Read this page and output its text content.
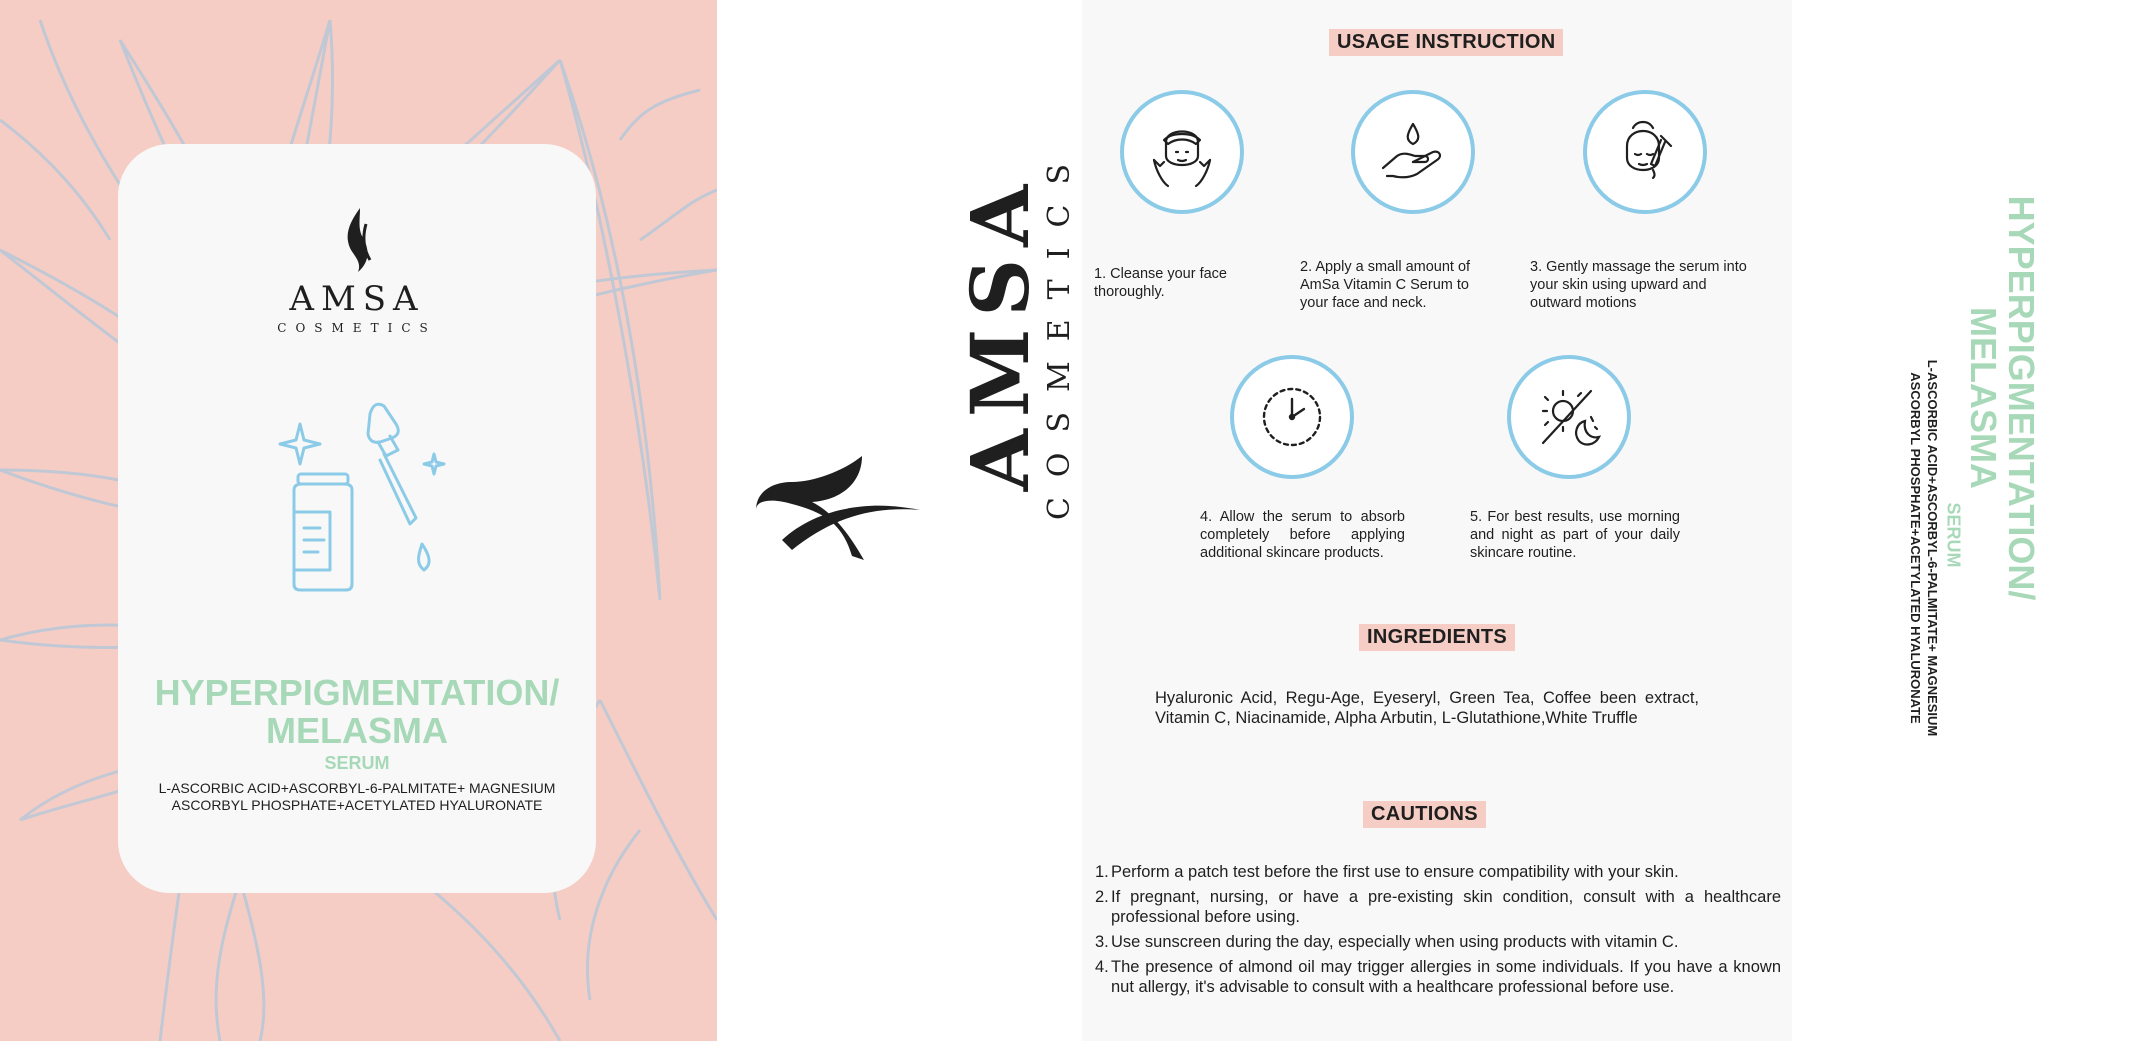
AMSA
COSMETICS
HYPERPIGMENTATION/
MELASMA
SERUM
L-ASCORBIC ACID+ASCORBYL-6-PALMITATE+ MAGNESIUM
ASCORBYL PHOSPHATE+ACETYLATED HYALURONATE
AMSA
COSMETICS
USAGE INSTRUCTION
1. Cleanse your face thoroughly.
2. Apply a small amount of AmSa Vitamin C Serum to your face and neck.
3. Gently massage the serum into your skin using upward and outward motions
4. Allow the serum to absorb completely before applying additional skincare products.
5. For best results, use morning and night as part of your daily skincare routine.
INGREDIENTS
Hyaluronic Acid, Regu-Age, Eyeseryl, Green Tea, Coffee been extract, Vitamin C, Niacinamide, Alpha Arbutin, L-Glutathione,White Truffle
CAUTIONS
1. Perform a patch test before the first use to ensure compatibility with your skin.
2. If pregnant, nursing, or have a pre-existing skin condition, consult with a healthcare professional before using.
3. Use sunscreen during the day, especially when using products with vitamin C.
4. The presence of almond oil may trigger allergies in some individuals. If you have a known nut allergy, it's advisable to consult with a healthcare professional before use.
HYPERPIGMENTATION/
MELASMA
SERUM
L-ASCORBIC ACID+ASCORBYL-6-PALMITATE+ MAGNESIUM
ASCORBYL PHOSPHATE+ACETYLATED HYALURONATE
